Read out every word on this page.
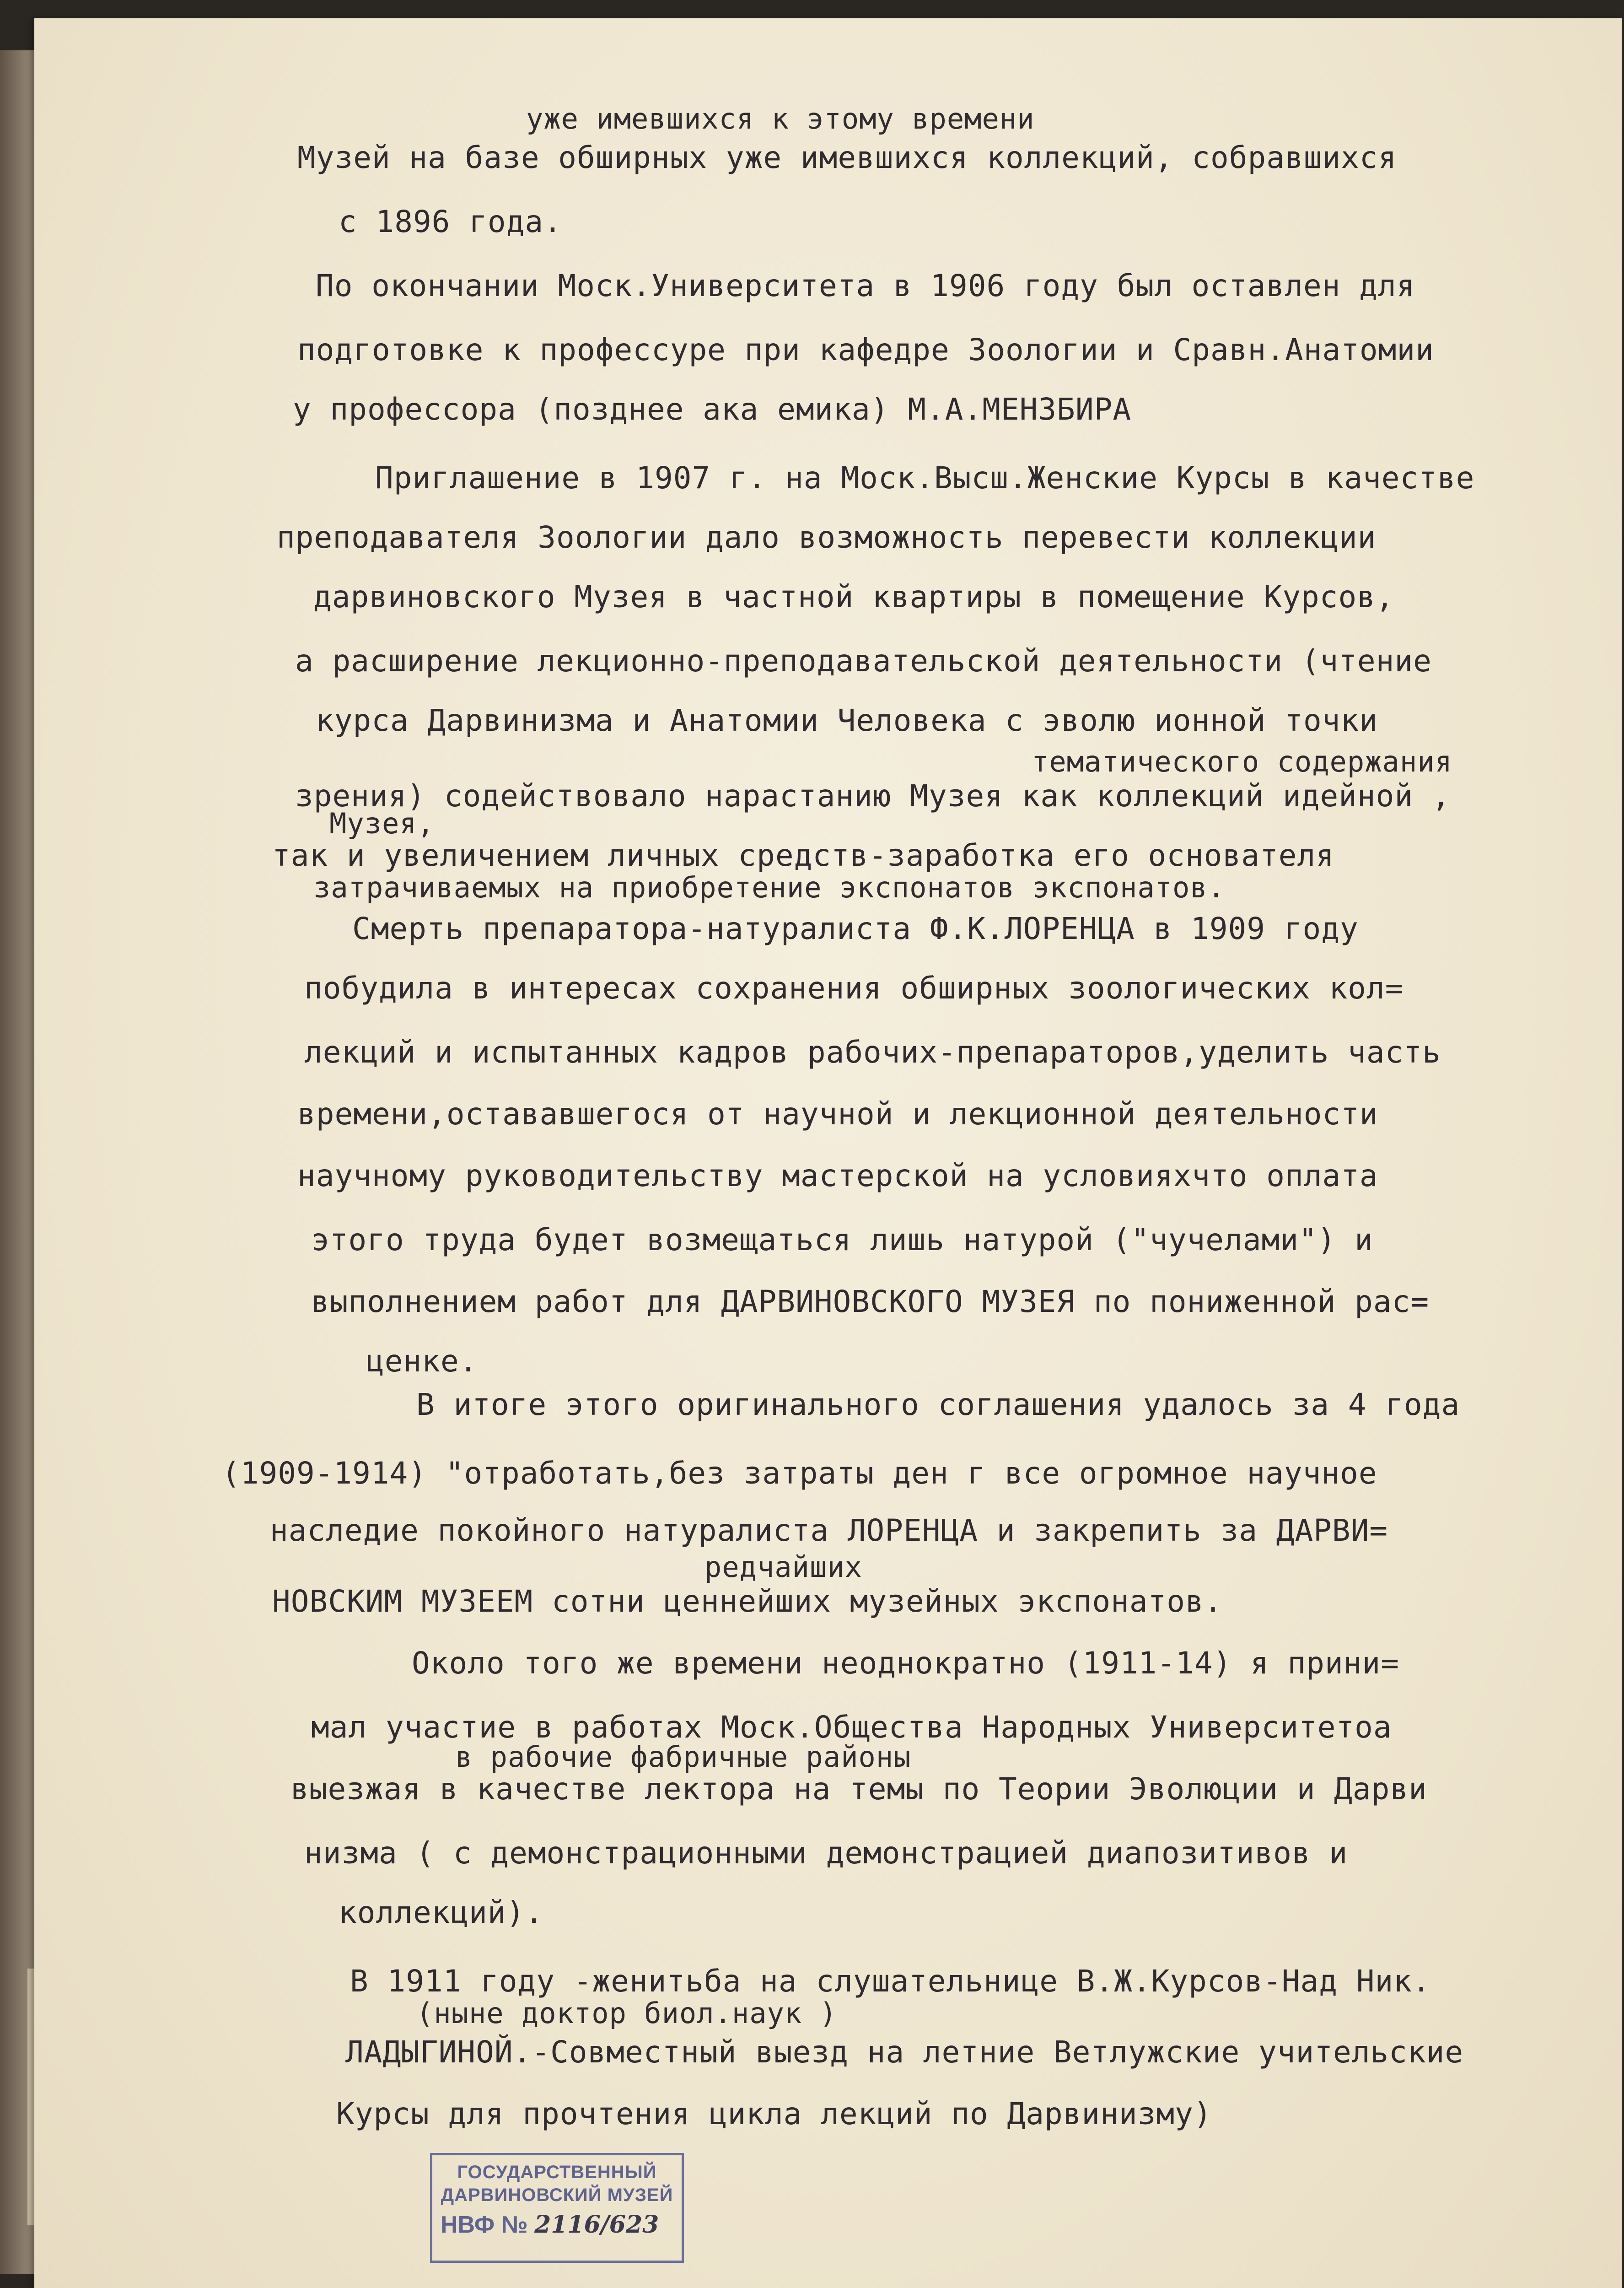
уже имевшихся к этому времени
Музей на базе обширных уже имевшихся коллекций, собравшихся
с 1896 года.
По окончании Моск.Университета в 1906 году был оставлен для
подготовке к профессуре при кафедре Зоологии и Сравн.Анатомии
у профессора (позднее ака емика) М.А.МЕНЗБИРА
Приглашение в 1907 г. на Моск.Высш.Женские Курсы в качестве
преподавателя Зоологии дало возможность перевести коллекции
дарвиновского Музея в частной квартиры в помещение Курсов,
а расширение лекционно-преподавательской деятельности (чтение
курса Дарвинизма и Анатомии Человека с эволю ионной точки
тематического содержания
зрения) содействовало нарастанию Музея как коллекций идейной ,
Музея,
так и увеличением личных средств-заработка его основателя
затрачиваемых на приобретение экспонатов экспонатов.
Смерть препаратора-натуралиста Ф.К.ЛОРЕНЦА в 1909 году
побудила в интересах сохранения обширных зоологических кол=
лекций и испытанных кадров рабочих-препараторов,уделить часть
времени,остававшегося от научной и лекционной деятельности
научному руководительству мастерской на условияхчто оплата
этого труда будет возмещаться лишь натурой ("чучелами") и
выполнением работ для ДАРВИНОВСКОГО МУЗЕЯ по пониженной рас=
ценке.
В итоге этого оригинального соглашения удалось за 4 года
(1909-1914) "отработать,без затраты ден г все огромное научное
наследие покойного натуралиста ЛОРЕНЦА и закрепить за ДАРВИ=
редчайших
НОВСКИМ МУЗЕЕМ сотни ценнейших музейных экспонатов.
Около того же времени неоднократно (1911-14) я прини=
мал участие в работах Моск.Общества Народных Университетоа
в рабочие фабричные районы
выезжая в качестве лектора на темы по Теории Эволюции и Дарви
низма ( с демонстрационными демонстрацией диапозитивов и
коллекций).
В 1911 году -женитьба на слушательнице В.Ж.Курсов-Над Ник.
(ныне доктор биол.наук )
ЛАДЫГИНОЙ.-Совместный выезд на летние Ветлужские учительские
Курсы для прочтения цикла лекций по Дарвинизму)
ГОСУДАРСТВЕННЫЙ
ДАРВИНОВСКИЙ МУЗЕЙ
НВФ № 2116/623
